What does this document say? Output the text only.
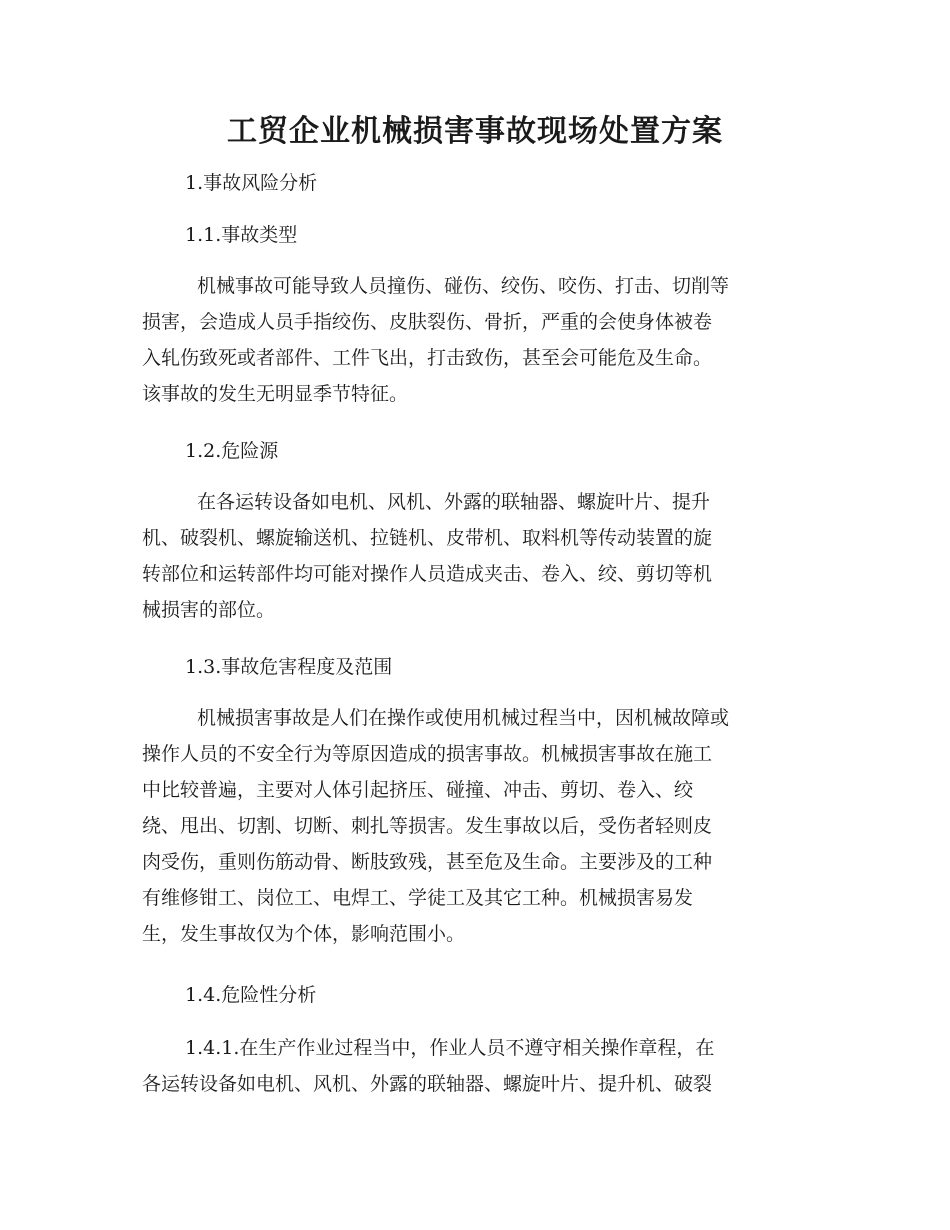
工贸企业机械损害事故现场处置方案
1.事故风险分析
1.1.事故类型
机械事故可能导致人员撞伤、碰伤、绞伤、咬伤、打击、切削等
损害，会造成人员手指绞伤、皮肤裂伤、骨折，严重的会使身体被卷
入轧伤致死或者部件、工件飞出，打击致伤，甚至会可能危及生命。
该事故的发生无明显季节特征。
1.2.危险源
在各运转设备如电机、风机、外露的联轴器、螺旋叶片、提升
机、破裂机、螺旋输送机、拉链机、皮带机、取料机等传动装置的旋
转部位和运转部件均可能对操作人员造成夹击、卷入、绞、剪切等机
械损害的部位。
1.3.事故危害程度及范围
机械损害事故是人们在操作或使用机械过程当中，因机械故障或
操作人员的不安全行为等原因造成的损害事故。机械损害事故在施工
中比较普遍，主要对人体引起挤压、碰撞、冲击、剪切、卷入、绞
绕、甩出、切割、切断、刺扎等损害。发生事故以后，受伤者轻则皮
肉受伤，重则伤筋动骨、断肢致残，甚至危及生命。主要涉及的工种
有维修钳工、岗位工、电焊工、学徒工及其它工种。机械损害易发
生，发生事故仅为个体，影响范围小。
1.4.危险性分析
1.4.1.在生产作业过程当中，作业人员不遵守相关操作章程，在
各运转设备如电机、风机、外露的联轴器、螺旋叶片、提升机、破裂
